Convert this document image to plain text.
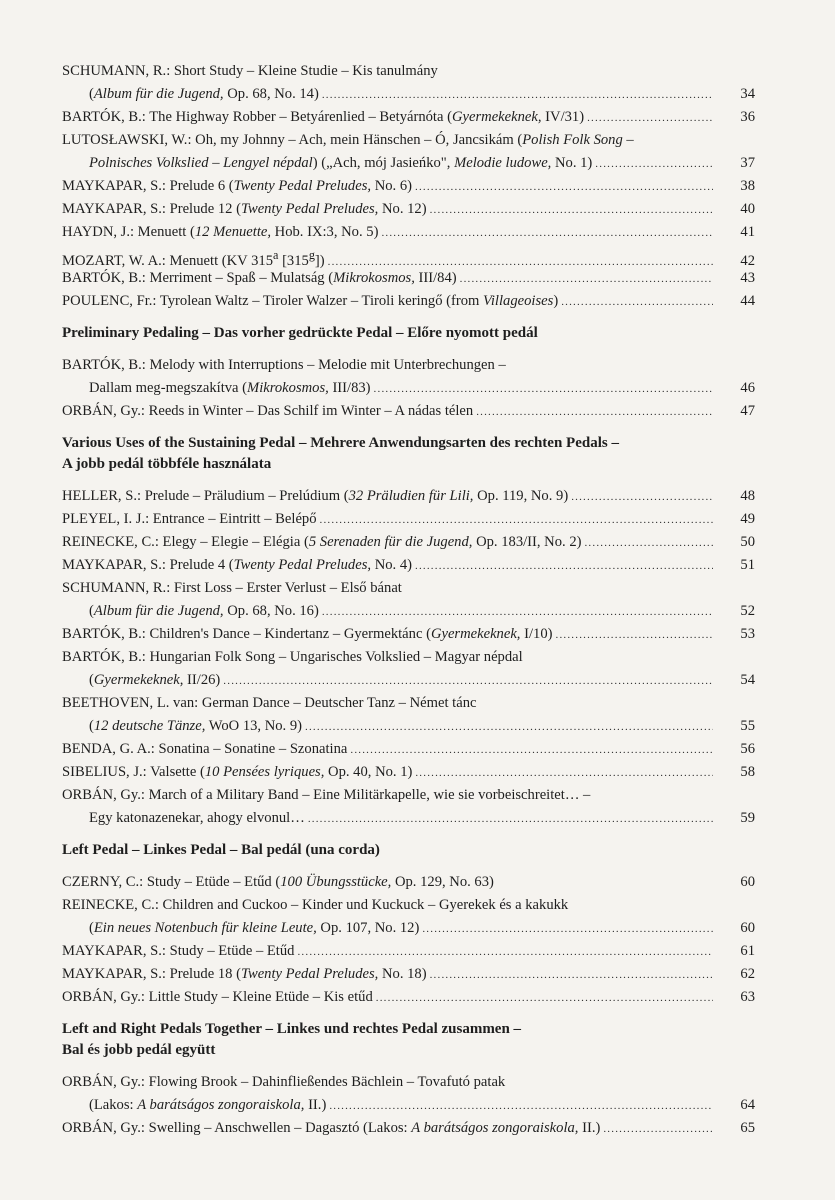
SCHUMANN, R.: Short Study – Kleine Studie – Kis tanulmány
(Album für die Jugend, Op. 68, No. 14) .....	34
BARTÓK, B.: The Highway Robber – Betyárenlied – Betyárnóta (Gyermekeknek, IV/31) .....	36
LUTOSŁAWSKI, W.: Oh, my Johnny – Ach, mein Hänschen – Ó, Jancsikám (Polish Folk Song –
Polnisches Volkslied – Lengyel népdal) („Ach, mój Jasieńko", Melodie ludowe, No. 1) .....	37
MAYKAPAR, S.: Prelude 6 (Twenty Pedal Preludes, No. 6) .....	38
MAYKAPAR, S.: Prelude 12 (Twenty Pedal Preludes, No. 12) .....	40
HAYDN, J.: Menuett (12 Menuette, Hob. IX:3, No. 5) .....	41
MOZART, W. A.: Menuett (KV 315$^a$ [315$^g$]) .....	42
BARTÓK, B.: Merriment – Spaß – Mulatság (Mikrokosmos, III/84) .....	43
POULENC, Fr.: Tyrolean Waltz – Tiroler Walzer – Tiroli keringő (from Villageoises) .....	44
Preliminary Pedaling – Das vorher gedrückte Pedal – Előre nyomott pedál
BARTÓK, B.: Melody with Interruptions – Melodie mit Unterbrechungen –
Dallam meg-megszakítva (Mikrokosmos, III/83) .....	46
ORBÁN, Gy.: Reeds in Winter – Das Schilf im Winter – A nádas télen .....	47
Various Uses of the Sustaining Pedal – Mehrere Anwendungsarten des rechten Pedals –
A jobb pedál többféle használata
HELLER, S.: Prelude – Präludium – Prelúdium (32 Präludien für Lili, Op. 119, No. 9) .....	48
PLEYEL, I. J.: Entrance – Eintritt – Belépő .....	49
REINECKE, C.: Elegy – Elegie – Elégia (5 Serenaden für die Jugend, Op. 183/II, No. 2) .....	50
MAYKAPAR, S.: Prelude 4 (Twenty Pedal Preludes, No. 4) .....	51
SCHUMANN, R.: First Loss – Erster Verlust – Első bánat
(Album für die Jugend, Op. 68, No. 16) .....	52
BARTÓK, B.: Children's Dance – Kindertanz – Gyermektánc (Gyermekeknek, I/10) .....	53
BARTÓK, B.: Hungarian Folk Song – Ungarisches Volkslied – Magyar népdal
(Gyermekeknek, II/26) .....	54
BEETHOVEN, L. van: German Dance – Deutscher Tanz – Német tánc
(12 deutsche Tänze, WoO 13, No. 9) .....	55
BENDA, G. A.: Sonatina – Sonatine – Szonatina .....	56
SIBELIUS, J.: Valsette (10 Pensées lyriques, Op. 40, No. 1) .....	58
ORBÁN, Gy.: March of a Military Band – Eine Militärkapelle, wie sie vorbeischreitet… –
Egy katonazenekar, ahogy elvonul… .....	59
Left Pedal – Linkes Pedal – Bal pedál (una corda)
CZERNY, C.: Study – Etüde – Etűd (100 Übungsstücke, Op. 129, No. 63)	60
REINECKE, C.: Children and Cuckoo – Kinder und Kuckuck – Gyerekek és a kakukk
(Ein neues Notenbuch für kleine Leute, Op. 107, No. 12) .....	60
MAYKAPAR, S.: Study – Etüde – Etűd .....	61
MAYKAPAR, S.: Prelude 18 (Twenty Pedal Preludes, No. 18) .....	62
ORBÁN, Gy.: Little Study – Kleine Etüde – Kis etűd .....	63
Left and Right Pedals Together – Linkes und rechtes Pedal zusammen –
Bal és jobb pedál együtt
ORBÁN, Gy.: Flowing Brook – Dahinfließendes Bächlein – Tovafutó patak
(Lakos: A barátságos zongoraiskola, II.) .....	64
ORBÁN, Gy.: Swelling – Anschwellen – Dagasztó (Lakos: A barátságos zongoraiskola, II.) .....	65
